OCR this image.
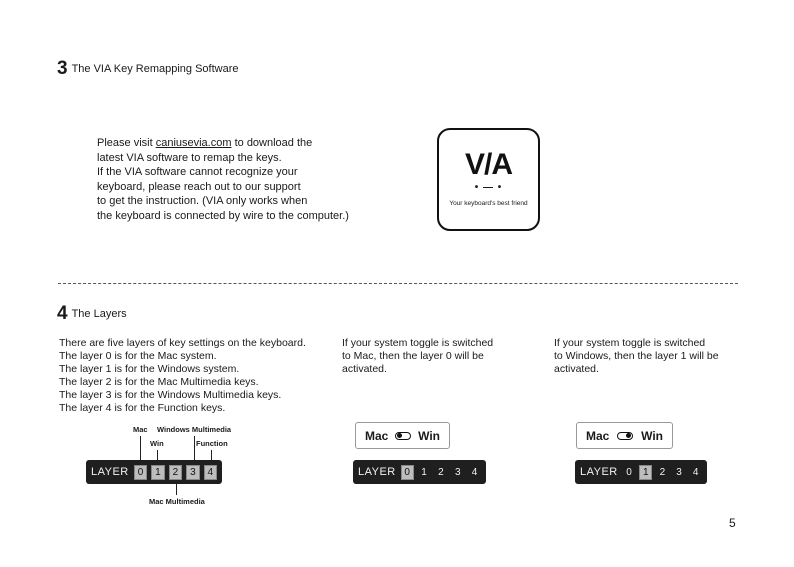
3 The VIA Key Remapping Software
Please visit caniusevia.com to download the
latest VIA software to remap the keys.
If the VIA software cannot recognize your
keyboard, please reach out to our support
to get the instruction. (VIA only works when
the keyboard is connected by wire to the computer.)
V/A
• — •
Your keyboard's best friend
4 The Layers
There are five layers of key settings on the keyboard.
The layer 0 is for the Mac system.
The layer 1 is for the Windows system.
The layer 2 is for the Mac Multimedia keys.
The layer 3 is for the Windows Multimedia keys.
The layer 4 is for the Function keys.
If your system toggle is switched
to Mac, then the layer 0 will be
activated.
If your system toggle is switched
to Windows, then the layer 1 will be
activated.
Mac Windows Multimedia
Win	Function
Mac Multimedia
LAYER 0 1 2 3 4
Mac Win
LAYER 0 1 2 3 4
Mac	Win
LAYER 0 1 2 3 4
5
